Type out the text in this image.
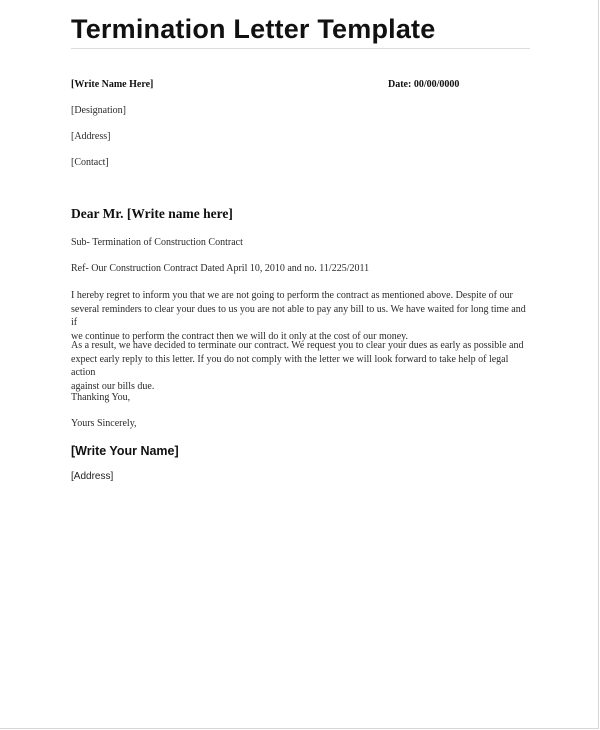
Termination Letter Template
[Write Name Here]	Date: 00/00/0000
[Designation]
[Address]
[Contact]
Dear Mr. [Write name here]
Sub- Termination of Construction Contract
Ref- Our Construction Contract Dated April 10, 2010 and no. 11/225/2011
I hereby regret to inform you that we are not going to perform the contract as mentioned above. Despite of our
several reminders to clear your dues to us you are not able to pay any bill to us. We have waited for long time and if
we continue to perform the contract then we will do it only at the cost of our money.
As a result, we have decided to terminate our contract. We request you to clear your dues as early as possible and
expect early reply to this letter. If you do not comply with the letter we will look forward to take help of legal action
against our bills due.
Thanking You,
Yours Sincerely,
[Write Your Name]
[Address]
